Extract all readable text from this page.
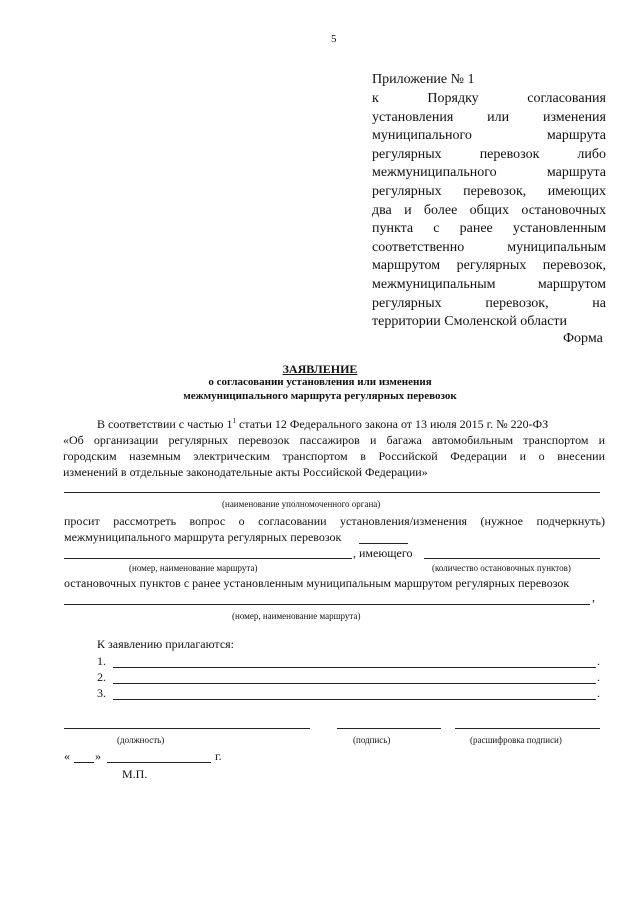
5
Приложение № 1
к Порядку согласования
установления или изменения
муниципального маршрута
регулярных перевозок либо
межмуниципального маршрута
регулярных перевозок, имеющих
два и более общих остановочных
пункта с ранее установленным
соответственно муниципальным
маршрутом регулярных перевозок,
межмуниципальным маршрутом
регулярных перевозок, на
территории Смоленской области
Форма
ЗАЯВЛЕНИЕ
о согласовании установления или изменения
межмуниципального маршрута регулярных перевозок
В соответствии с частью $1^1$ статьи 12 Федерального закона от 13 июля 2015 г. № 220-ФЗ
«Об организации регулярных перевозок пассажиров и багажа автомобильным транспортом и
городским наземным электрическим транспортом в Российской Федерации и о внесении
изменений в отдельные законодательные акты Российской Федерации»
(наименование уполномоченного органа)
просит рассмотреть вопрос о согласовании установления/изменения (нужное подчеркнуть)
межмуниципального маршрута регулярных перевозок
, имеющего
(номер, наименование маршрута)	(количество остановочных пунктов)
остановочных пунктов с ранее установленным муниципальным маршрутом регулярных перевозок
,
(номер, наименование маршрута)
К заявлению прилагаются:
1.	.
2.	.
3.	.
(должность)	(подпись)	(расшифровка подписи)
« »	г.
М.П.
